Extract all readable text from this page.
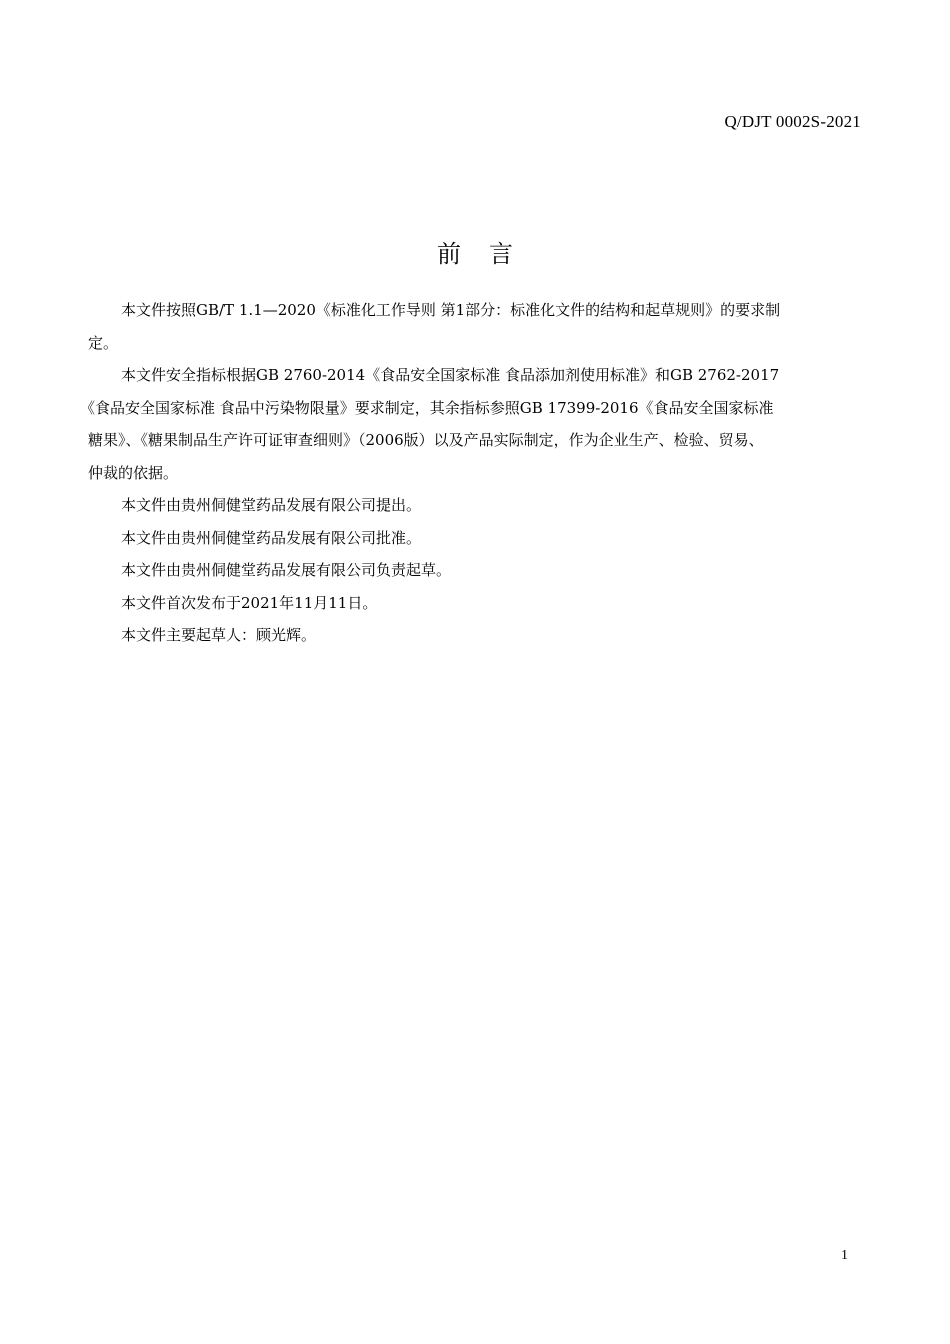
Q/DJT 0002S-2021
前 言
本文件按照GB/T 1.1—2020《标准化工作导则 第1部分：标准化文件的结构和起草规则》的要求制
定。
本文件安全指标根据GB 2760-2014《食品安全国家标准 食品添加剂使用标准》和GB 2762-2017
《食品安全国家标准 食品中污染物限量》要求制定，其余指标参照GB 17399-2016《食品安全国家标准
糖果》、《糖果制品生产许可证审查细则》（2006版）以及产品实际制定，作为企业生产、检验、贸易、
仲裁的依据。
本文件由贵州侗健堂药品发展有限公司提出。
本文件由贵州侗健堂药品发展有限公司批准。
本文件由贵州侗健堂药品发展有限公司负责起草。
本文件首次发布于2021年11月11日。
本文件主要起草人：顾光辉。
1
